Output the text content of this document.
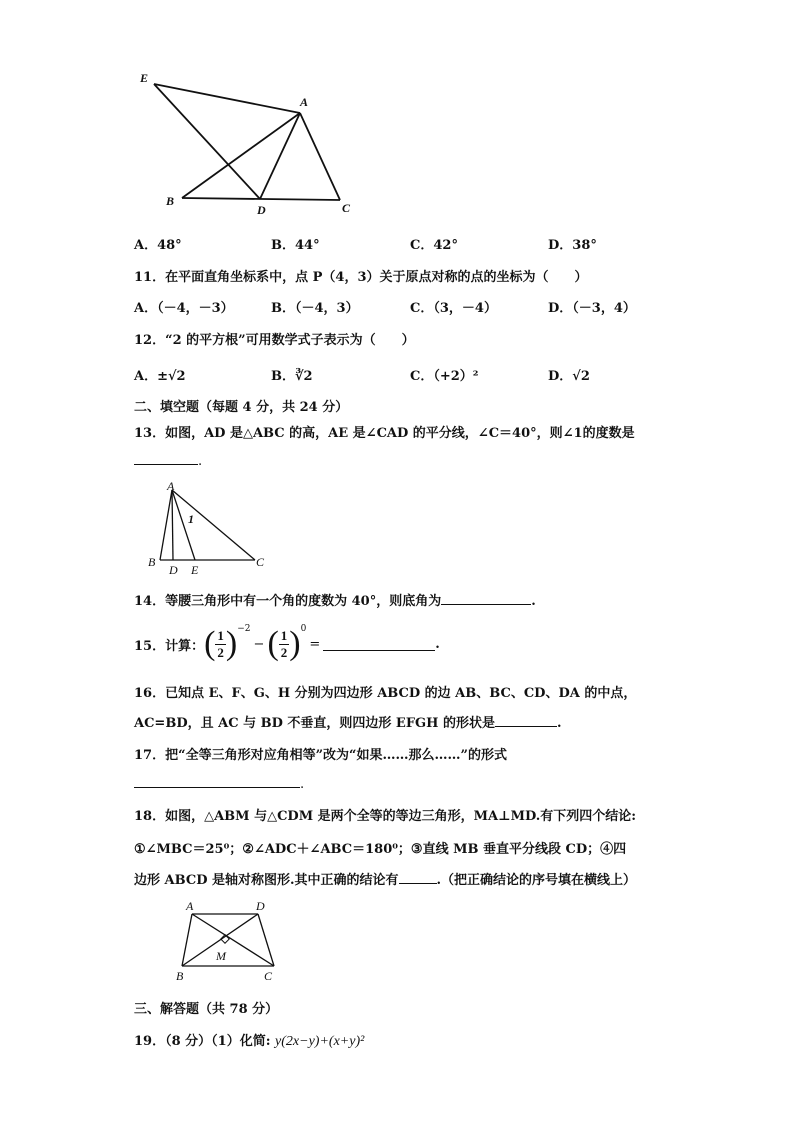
E
A
B
D	C
A．48°	B．44°	C．42°	D．38°
11．在平面直角坐标系中，点 P（4，3）关于原点对称的点的坐标为（　　）
A．（－4，－3）	B．（－4，3）	C．（3，－4）	D．（－3，4）
12．“2 的平方根”可用数学式子表示为（　　）
A．±√2	B．∛2	C．（+2）²	D．√2
二、填空题（每题 4 分，共 24 分）
13．如图，AD 是△ABC 的高，AE 是∠CAD 的平分线，∠C＝40°，则∠1的度数是
.
A
1
B
D E
C
14．等腰三角形中有一个角的度数为 40°，则底角为	.
15．计算： ( $\frac{1}{2} )^{-2}$
− ( $\frac{1}{2} )^0$
=	.
16．已知点 E、F、G、H 分别为四边形 ABCD 的边 AB、BC、CD、DA 的中点，
AC=BD，且 AC 与 BD 不垂直，则四边形 EFGH 的形状是	.
17．把“全等三角形对应角相等”改为“如果……那么……”的形式
.
18．如图，△ABM 与△CDM 是两个全等的等边三角形，MA⊥MD.有下列四个结论:
①∠MBC＝25⁰；②∠ADC＋∠ABC＝180⁰；③直线 MB 垂直平分线段 CD；④四
边形 ABCD 是轴对称图形.其中正确的结论有	.（把正确结论的序号填在横线上）
A	D
M
B	C
三、解答题（共 78 分）
19．（8 分）（1）化简: y(2x−y)+(x+y)²
